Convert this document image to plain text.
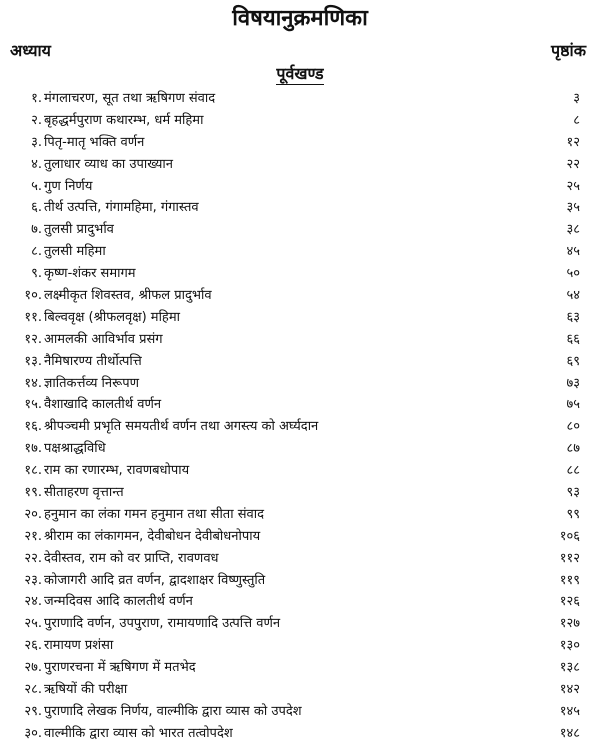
विषयानुक्रमणिका
अध्याय	पृष्ठांक
पूर्वखण्ड
१. मंगलाचरण, सूत तथा ऋषिगण संवाद	३
२. बृहद्धर्मपुराण कथारम्भ, धर्म महिमा	८
३. पितृ-मातृ भक्ति वर्णन	१२
४. तुलाधार व्याध का उपाख्यान	२२
५. गुण निर्णय	२५
६. तीर्थ उत्पत्ति, गंगामहिमा, गंगास्तव	३५
७. तुलसी प्रादुर्भाव	३८
८. तुलसी महिमा	४५
९. कृष्ण-शंकर समागम	५०
१०. लक्ष्मीकृत शिवस्तव, श्रीफल प्रादुर्भाव	५४
११. बिल्ववृक्ष (श्रीफलवृक्ष) महिमा	६३
१२. आमलकी आविर्भाव प्रसंग	६६
१३. नैमिषारण्य तीर्थोत्पत्ति	६९
१४. ज्ञातिकर्त्तव्य निरूपण	७३
१५. वैशाखादि कालतीर्थ वर्णन	७५
१६. श्रीपञ्चमी प्रभृति समयतीर्थ वर्णन तथा अगस्त्य को अर्घ्यदान	८०
१७. पक्षश्राद्धविधि	८७
१८. राम का रणारम्भ, रावणबधोपाय	८८
१९. सीताहरण वृत्तान्त	९३
२०. हनुमान का लंका गमन हनुमान तथा सीता संवाद	९९
२१. श्रीराम का लंकागमन, देवीबोधन देवीबोधनोपाय	१०६
२२. देवीस्तव, राम को वर प्राप्ति, रावणवध	११२
२३. कोजागरी आदि व्रत वर्णन, द्वादशाक्षर विष्णुस्तुति	११९
२४. जन्मदिवस आदि कालतीर्थ वर्णन	१२६
२५. पुराणादि वर्णन, उपपुराण, रामायणादि उत्पत्ति वर्णन	१२७
२६. रामायण प्रशंसा	१३०
२७. पुराणरचना में ऋषिगण में मतभेद	१३८
२८. ऋषियों की परीक्षा	१४२
२९. पुराणादि लेखक निर्णय, वाल्मीकि द्वारा व्यास को उपदेश	१४५
३०. वाल्मीकि द्वारा व्यास को भारत तत्वोपदेश	१४८
